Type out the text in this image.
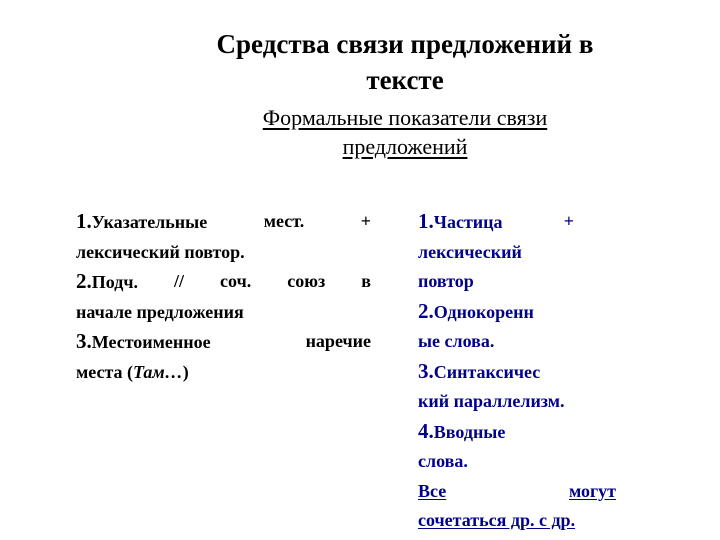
Средства связи предложений в
тексте
Формальные показатели связи
предложений
1.Указательные	мест.	+
лексический повтор.
2.Подч. // соч. союз в
начале предложения
3.Местоименное	наречие
места (Там…)
1.Частица	+
лексический
повтор
2.Однокоренн
ые слова.
3.Синтаксичес
кий параллелизм.
4.Вводные
слова.
Все	могут
сочетаться др. с др.
